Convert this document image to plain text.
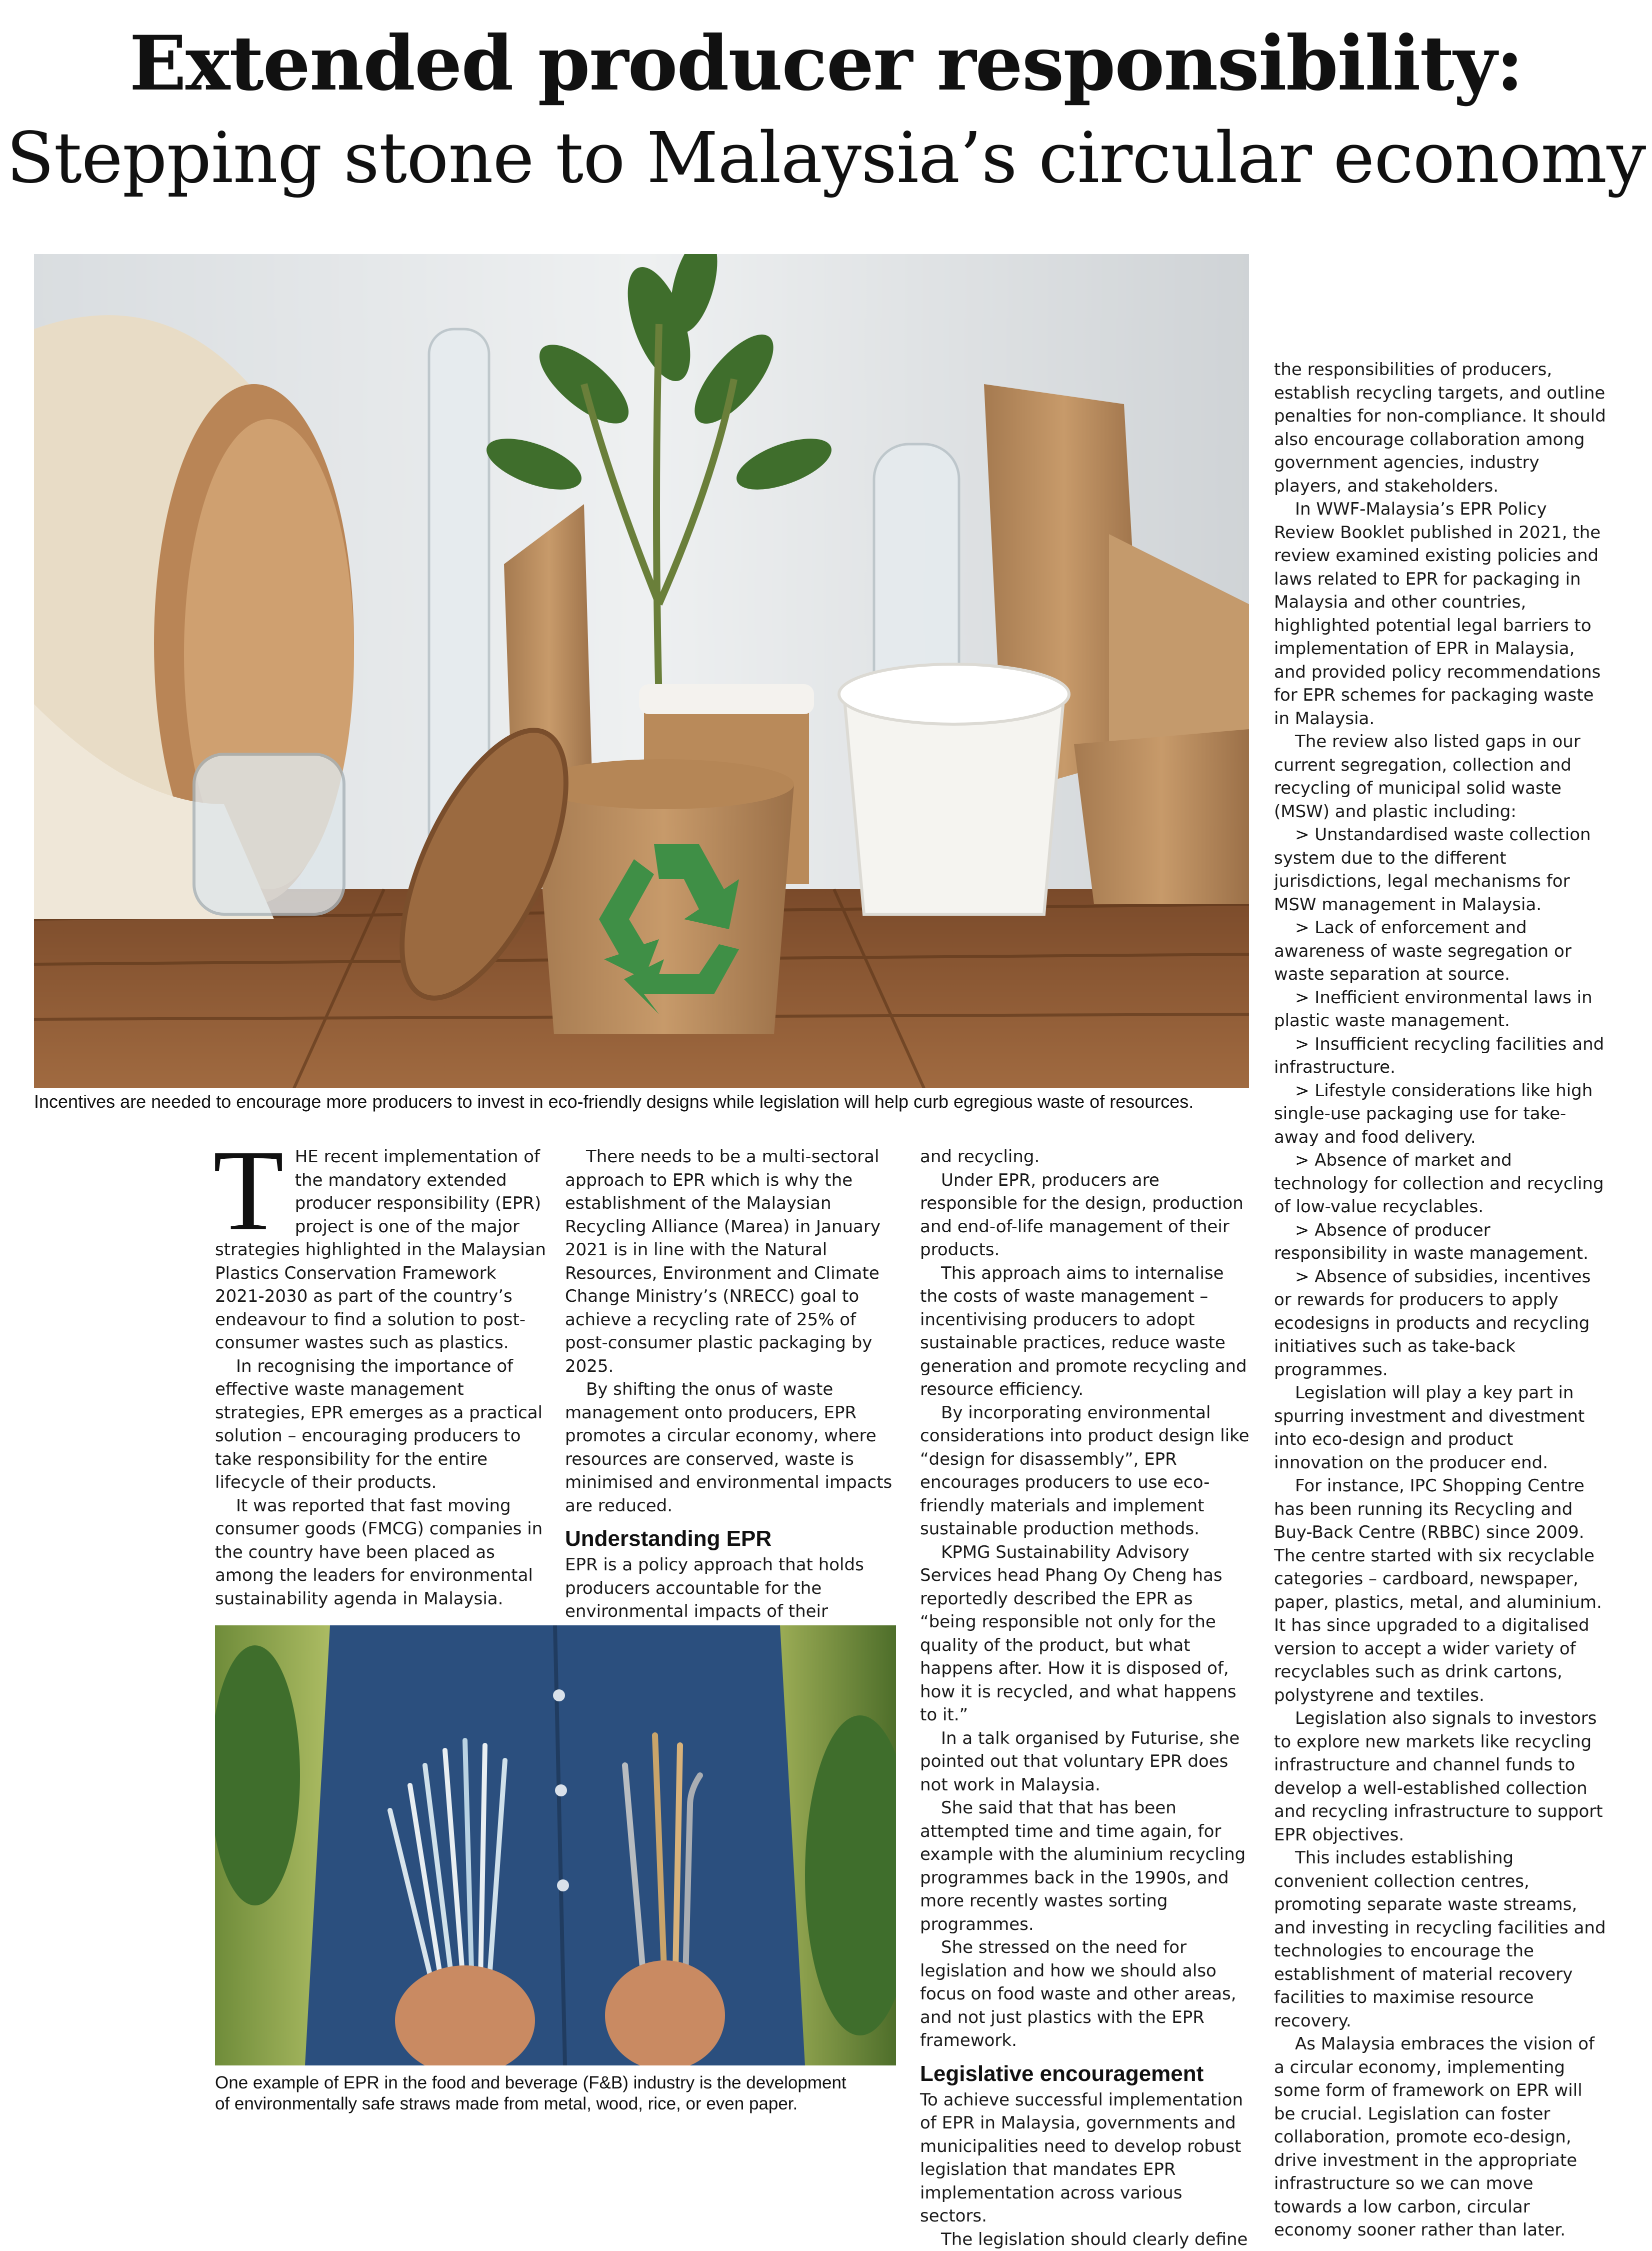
Extended producer responsibility:
Stepping stone to Malaysia’s circular economy
Incentives are needed to encourage more producers to invest in eco-friendly designs while legislation will help curb egregious waste of resources.
T HE recent implementation of the mandatory extended producer responsibility (EPR) project is one of the major strategies highlighted in the Malaysian Plastics Conservation Framework 2021-2030 as part of the country’s endeavour to find a solution to post-consumer wastes such as plastics.

In recognising the importance of effective waste management strategies, EPR emerges as a practical solution – encouraging producers to take responsibility for the entire lifecycle of their products.

It was reported that fast moving consumer goods (FMCG) companies in the country have been placed as among the leaders for environmental sustainability agenda in Malaysia.

There needs to be a multi-sectoral approach to EPR which is why the establishment of the Malaysian Recycling Alliance (Marea) in January 2021 is in line with the Natural Resources, Environment and Climate Change Ministry’s (NRECC) goal to achieve a recycling rate of 25% of post-consumer plastic packaging by 2025.

By shifting the onus of waste management onto producers, EPR promotes a circular economy, where resources are conserved, waste is minimised and environmental impacts are reduced.

Understanding EPR

EPR is a policy approach that holds producers accountable for the environmental impacts of their

One example of EPR in the food and beverage (F&B) industry is the development
of environmentally safe straws made from metal, wood, rice, or even paper.

and recycling.

Under EPR, producers are responsible for the design, production and end-of-life management of their products.

This approach aims to internalise the costs of waste management – incentivising producers to adopt sustainable practices, reduce waste generation and promote recycling and resource efficiency.

By incorporating environmental considerations into product design like “design for disassembly”, EPR encourages producers to use eco-friendly materials and implement sustainable production methods.

KPMG Sustainability Advisory Services head Phang Oy Cheng has reportedly described the EPR as “being responsible not only for the quality of the product, but what happens after. How it is disposed of, how it is recycled, and what happens to it.”

In a talk organised by Futurise, she pointed out that voluntary EPR does not work in Malaysia.

She said that that has been attempted time and time again, for example with the aluminium recycling programmes back in the 1990s, and more recently wastes sorting programmes.

She stressed on the need for legislation and how we should also focus on food waste and other areas, and not just plastics with the EPR framework.

Legislative encouragement

To achieve successful implementation of EPR in Malaysia, governments and municipalities need to develop robust legislation that mandates EPR implementation across various sectors.

The legislation should clearly define

the responsibilities of producers, establish recycling targets, and outline penalties for non-compliance. It should also encourage collaboration among government agencies, industry players, and stakeholders.

In WWF-Malaysia’s EPR Policy Review Booklet published in 2021, the review examined existing policies and laws related to EPR for packaging in Malaysia and other countries, highlighted potential legal barriers to implementation of EPR in Malaysia, and provided policy recommendations for EPR schemes for packaging waste in Malaysia.

The review also listed gaps in our current segregation, collection and recycling of municipal solid waste (MSW) and plastic including:

> Unstandardised waste collection system due to the different jurisdictions, legal mechanisms for MSW management in Malaysia.

> Lack of enforcement and awareness of waste segregation or waste separation at source.

> Inefficient environmental laws in plastic waste management.

> Insufficient recycling facilities and infrastructure.

> Lifestyle considerations like high single-use packaging use for take-away and food delivery.

> Absence of market and technology for collection and recycling of low-value recyclables.

> Absence of producer responsibility in waste management.

> Absence of subsidies, incentives or rewards for producers to apply ecodesigns in products and recycling initiatives such as take-back programmes.

Legislation will play a key part in spurring investment and divestment into eco-design and product innovation on the producer end.

For instance, IPC Shopping Centre has been running its Recycling and Buy-Back Centre (RBBC) since 2009. The centre started with six recyclable categories – cardboard, newspaper, paper, plastics, metal, and aluminium. It has since upgraded to a digitalised version to accept a wider variety of recyclables such as drink cartons, polystyrene and textiles.

Legislation also signals to investors to explore new markets like recycling infrastructure and channel funds to develop a well-established collection and recycling infrastructure to support EPR objectives.

This includes establishing convenient collection centres, promoting separate waste streams, and investing in recycling facilities and technologies to encourage the establishment of material recovery facilities to maximise resource recovery.

As Malaysia embraces the vision of a circular economy, implementing some form of framework on EPR will be crucial. Legislation can foster collaboration, promote eco-design, drive investment in the appropriate infrastructure so we can move towards a low carbon, circular economy sooner rather than later.
